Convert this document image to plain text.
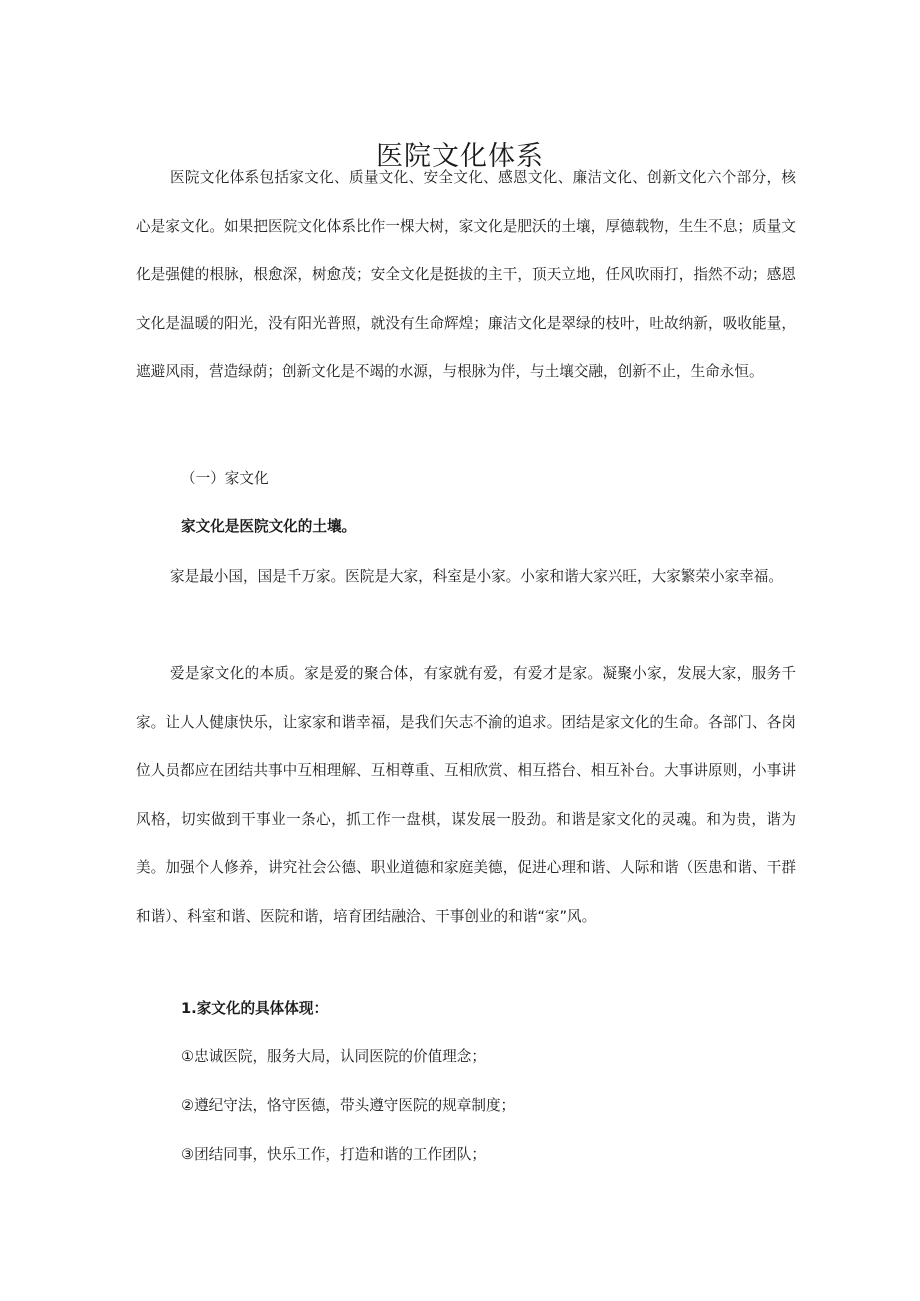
医院文化体系

医院文化体系包括家文化、质量文化、安全文化、感恩文化、廉洁文化、创新文化六个部分，核心是家文化。如果把医院文化体系比作一棵大树，家文化是肥沃的土壤，厚德载物，生生不息；质量文化是强健的根脉，根愈深，树愈茂；安全文化是挺拔的主干，顶天立地，任风吹雨打，指然不动；感恩文化是温暖的阳光，没有阳光普照，就没有生命辉煌；廉洁文化是翠绿的枝叶，吐故纳新，吸收能量，遮避风雨，营造绿荫；创新文化是不竭的水源，与根脉为伴，与土壤交融，创新不止，生命永恒。

（一）家文化
家文化是医院文化的土壤。

家是最小国，国是千万家。医院是大家，科室是小家。小家和谐大家兴旺，大家繁荣小家幸福。

爱是家文化的本质。家是爱的聚合体，有家就有爱，有爱才是家。凝聚小家，发展大家，服务千家。让人人健康快乐，让家家和谐幸福，是我们矢志不渝的追求。团结是家文化的生命。各部门、各岗位人员都应在团结共事中互相理解、互相尊重、互相欣赏、相互搭台、相互补台。大事讲原则，小事讲风格，切实做到干事业一条心，抓工作一盘棋，谋发展一股劲。和谐是家文化的灵魂。和为贵，谐为美。加强个人修养，讲究社会公德、职业道德和家庭美德，促进心理和谐、人际和谐（医患和谐、干群和谐）、科室和谐、医院和谐，培育团结融洽、干事创业的和谐“家”风。

1.家文化的具体体现：
①忠诚医院，服务大局，认同医院的价值理念；
②遵纪守法，恪守医德，带头遵守医院的规章制度；
③团结同事，快乐工作，打造和谐的工作团队；
